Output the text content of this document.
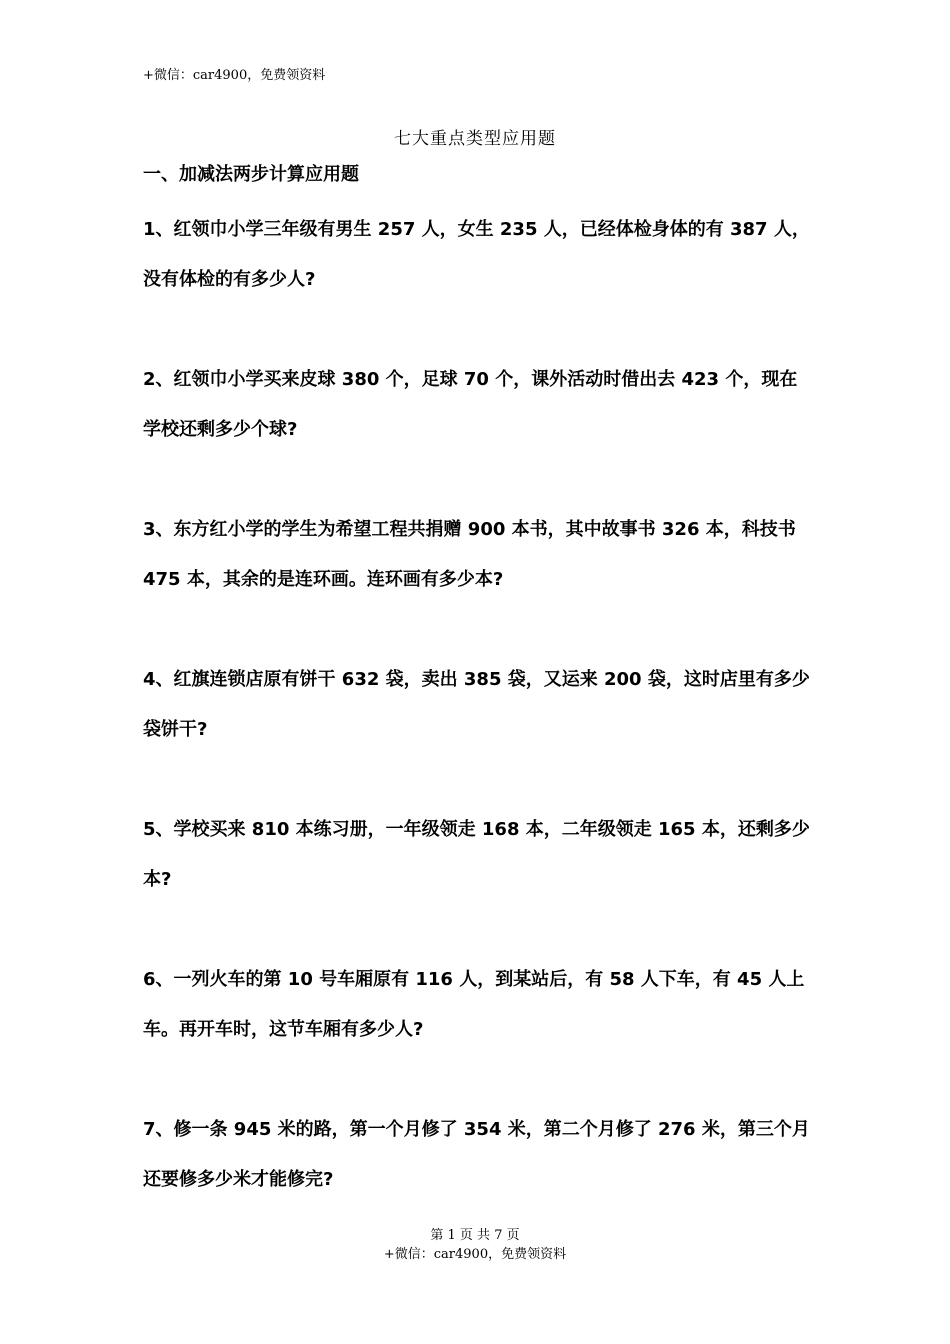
+微信：car4900，免费领资料
七大重点类型应用题
一、加减法两步计算应用题
1、红领巾小学三年级有男生 257 人，女生 235 人，已经体检身体的有 387 人，没有体检的有多少人?
2、红领巾小学买来皮球 380 个，足球 70 个，课外活动时借出去 423 个，现在学校还剩多少个球?
3、东方红小学的学生为希望工程共捐赠 900 本书，其中故事书 326 本，科技书 475 本，其余的是连环画。连环画有多少本?
4、红旗连锁店原有饼干 632 袋，卖出 385 袋，又运来 200 袋，这时店里有多少袋饼干?
5、学校买来 810 本练习册，一年级领走 168 本，二年级领走 165 本，还剩多少本?
6、一列火车的第 10 号车厢原有 116 人，到某站后，有 58 人下车，有 45 人上车。再开车时，这节车厢有多少人?
7、修一条 945 米的路，第一个月修了 354 米，第二个月修了 276 米，第三个月还要修多少米才能修完?
第 1 页 共 7 页
+微信：car4900，免费领资料
